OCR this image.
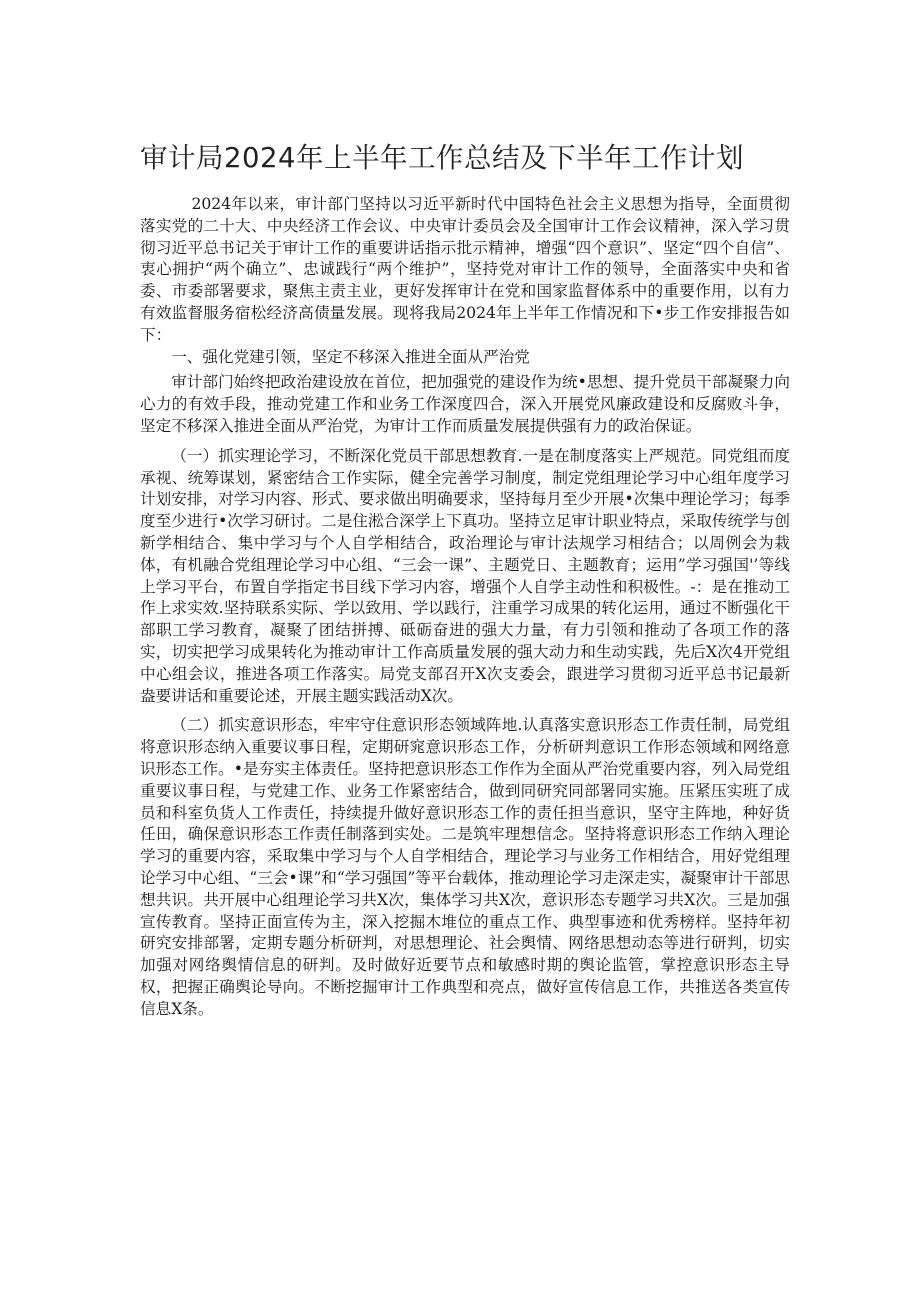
审计局2024年上半年工作总结及下半年工作计划

2024年以来，审计部门坚持以习近平新时代中国特色社会主义思想为指导，全面贯彻落实党的二十大、中央经济工作会议、中央审计委员会及全国审计工作会议精神，深入学习贯彻习近平总书记关于审计工作的重要讲话指示批示精神，增强“四个意识”、坚定“四个自信”、衷心拥护“两个确立”、忠诚践行“两个维护”，坚持党对审计工作的领导，全面落实中央和省委、市委部署要求，聚焦主责主业，更好发挥审计在党和国家监督体系中的重要作用，以有力有效监督服务宿松经济高债量发展。现将我局2024年上半年工作情况和下•步工作安排报告如下：

一、强化党建引领，坚定不移深入推进全面从严治党

审计部门始终把政治建设放在首位，把加强党的建设作为统•思想、提升党员干部凝聚力向心力的有效手段，推动党建工作和业务工作深度四合，深入开展党风廉政建设和反腐败斗争，坚定不移深入推进全面从严治党，为审计工作而质量发展提供强有力的政治保证。

（一）抓实理论学习，不断深化党员干部思想教育.一是在制度落实上严规范。同党组而度承视、统筹谋划，紧密结合工作实际，健全完善学习制度，制定党组理论学习中心组年度学习计划安排，对学习内容、形式、要求做出明确要求，坚持每月至少开展•次集中理论学习；每季度至少进行•次学习研讨。二是住淞合深学上下真功。坚持立足审计职业特点，采取传统学与创新学相结合、集中学习与个人自学相结合，政治理论与审计法规学习相结合；以周例会为栽体，有机融合党组理论学习中心组、“三会一课”、主题党日、主题教育；运用”学习强国'’等线上学习平台，布置自学指定书目线下学习内容，增强个人自学主动性和积极性。-：是在推动工作上求实效.坚持联系实际、学以致用、学以践行，注重学习成果的转化运用，通过不断强化干部职工学习教育，凝聚了团结拼搏、砥砺奋进的强大力量，有力引领和推动了各项工作的落实，切实把学习成果转化为推动审计工作高质量发展的强大动力和生动实践，先后X次4开党组中心组会议，推进各项工作落实。局党支部召开X次支委会，跟进学习贯彻习近平总书记最新盎要讲话和重要论述，开展主题实践活动X次。

（二）抓实意识形态，牢牢守住意识形态领域阵地.认真落实意识形态工作责任制，局党组将意识形态纳入重要议事日程，定期研窕意识形态工作，分析研判意识工作形态领域和网络意识形态工作。•是夯实主体责任。坚持把意识形态工作作为全面从严治党重要内容，列入局党组重要议事日程，与党建工作、业务工作紧密结合，做到同研究同部署同实施。压紧压实班了成员和科室负货人工作责任，持续提升做好意识形态工作的责任担当意识，坚守主阵地，种好货任田，确保意识形态工作责任制落到实处。二是筑牢理想信念。坚持将意识形态工作纳入理论学习的重要内容，采取集中学习与个人自学相结合，理论学习与业务工作相结合，用好党组理论学习中心组、“三会•课”和“学习强国”等平台载体，推动理论学习走深走实，凝聚审计干部思想共识。共开展中心组理论学习共X次，集体学习共X次，意识形态专题学习共X次。三是加强宣传教育。坚持正面宣传为主，深入挖掘木堆位的重点工作、典型事迹和优秀榜样。坚持年初研究安排部署，定期专题分析研判，对思想理论、社会舆情、网络思想动态等进行研判，切实加强对网络舆情信息的研判。及时做好近要节点和敏感时期的舆论监管，掌控意识形态主导权，把握正确舆论导向。不断挖掘审计工作典型和亮点，做好宣传信息工作，共推送各类宣传信息X条。
